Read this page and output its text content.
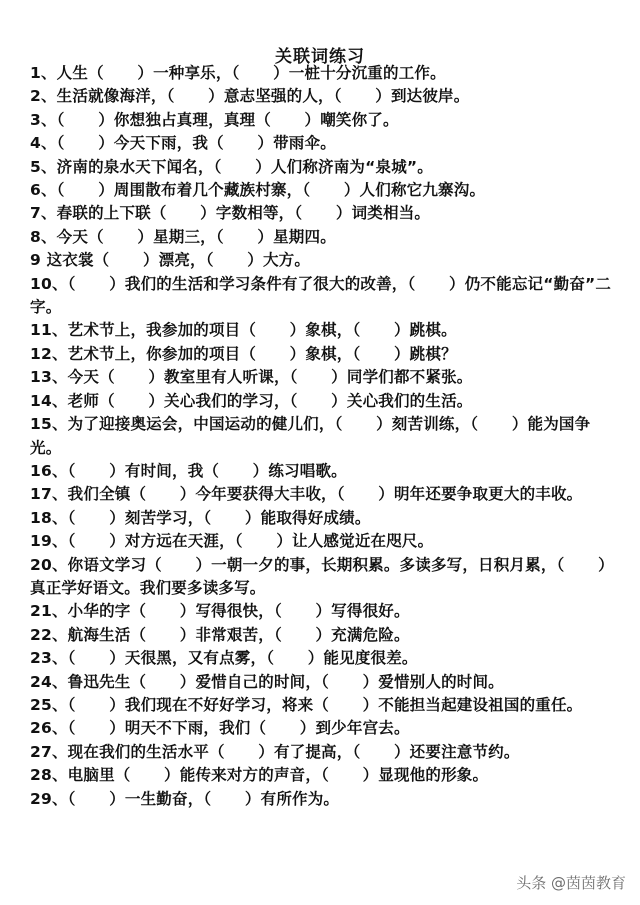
关联词练习
1、人生（      ）一种享乐，（      ）一桩十分沉重的工作。
2、生活就像海洋，（      ）意志坚强的人，（      ）到达彼岸。
3、（      ）你想独占真理，真理（      ）嘲笑你了。
4、（      ）今天下雨，我（      ）带雨伞。
5、济南的泉水天下闻名，（      ）人们称济南为“泉城”。
6、（      ）周围散布着几个藏族村寨，（      ）人们称它九寨沟。
7、春联的上下联（      ）字数相等，（      ）词类相当。
8、今天（      ）星期三，（      ）星期四。
9 这衣裳（      ）漂亮，（      ）大方。
10、（      ）我们的生活和学习条件有了很大的改善，（      ）仍不能忘记“勤奋”二字。
11、艺术节上，我参加的项目（      ）象棋，（      ）跳棋。
12、艺术节上，你参加的项目（      ）象棋，（      ）跳棋？
13、今天（      ）教室里有人听课，（      ）同学们都不紧张。
14、老师（      ）关心我们的学习，（      ）关心我们的生活。
15、为了迎接奥运会，中国运动的健儿们，（      ）刻苦训练，（      ）能为国争光。
16、（      ）有时间，我（      ）练习唱歌。
17、我们全镇（      ）今年要获得大丰收，（      ）明年还要争取更大的丰收。
18、（      ）刻苦学习，（      ）能取得好成绩。
19、（      ）对方远在天涯，（      ）让人感觉近在咫尺。
20、你语文学习（      ）一朝一夕的事，长期积累。多读多写，日积月累，（      ）真正学好语文。我们要多读多写。
21、小华的字（      ）写得很快，（      ）写得很好。
22、航海生活（      ）非常艰苦，（      ）充满危险。
23、（      ）天很黑，又有点雾，（      ）能见度很差。
24、鲁迅先生（      ）爱惜自己的时间，（      ）爱惜别人的时间。
25、（      ）我们现在不好好学习，将来（      ）不能担当起建设祖国的重任。
26、（      ）明天不下雨，我们（      ）到少年宫去。
27、现在我们的生活水平（      ）有了提高，（      ）还要注意节约。
28、电脑里（      ）能传来对方的声音，（      ）显现他的形象。
29、（      ）一生勤奋，（      ）有所作为。
头条 @茵茵教育
